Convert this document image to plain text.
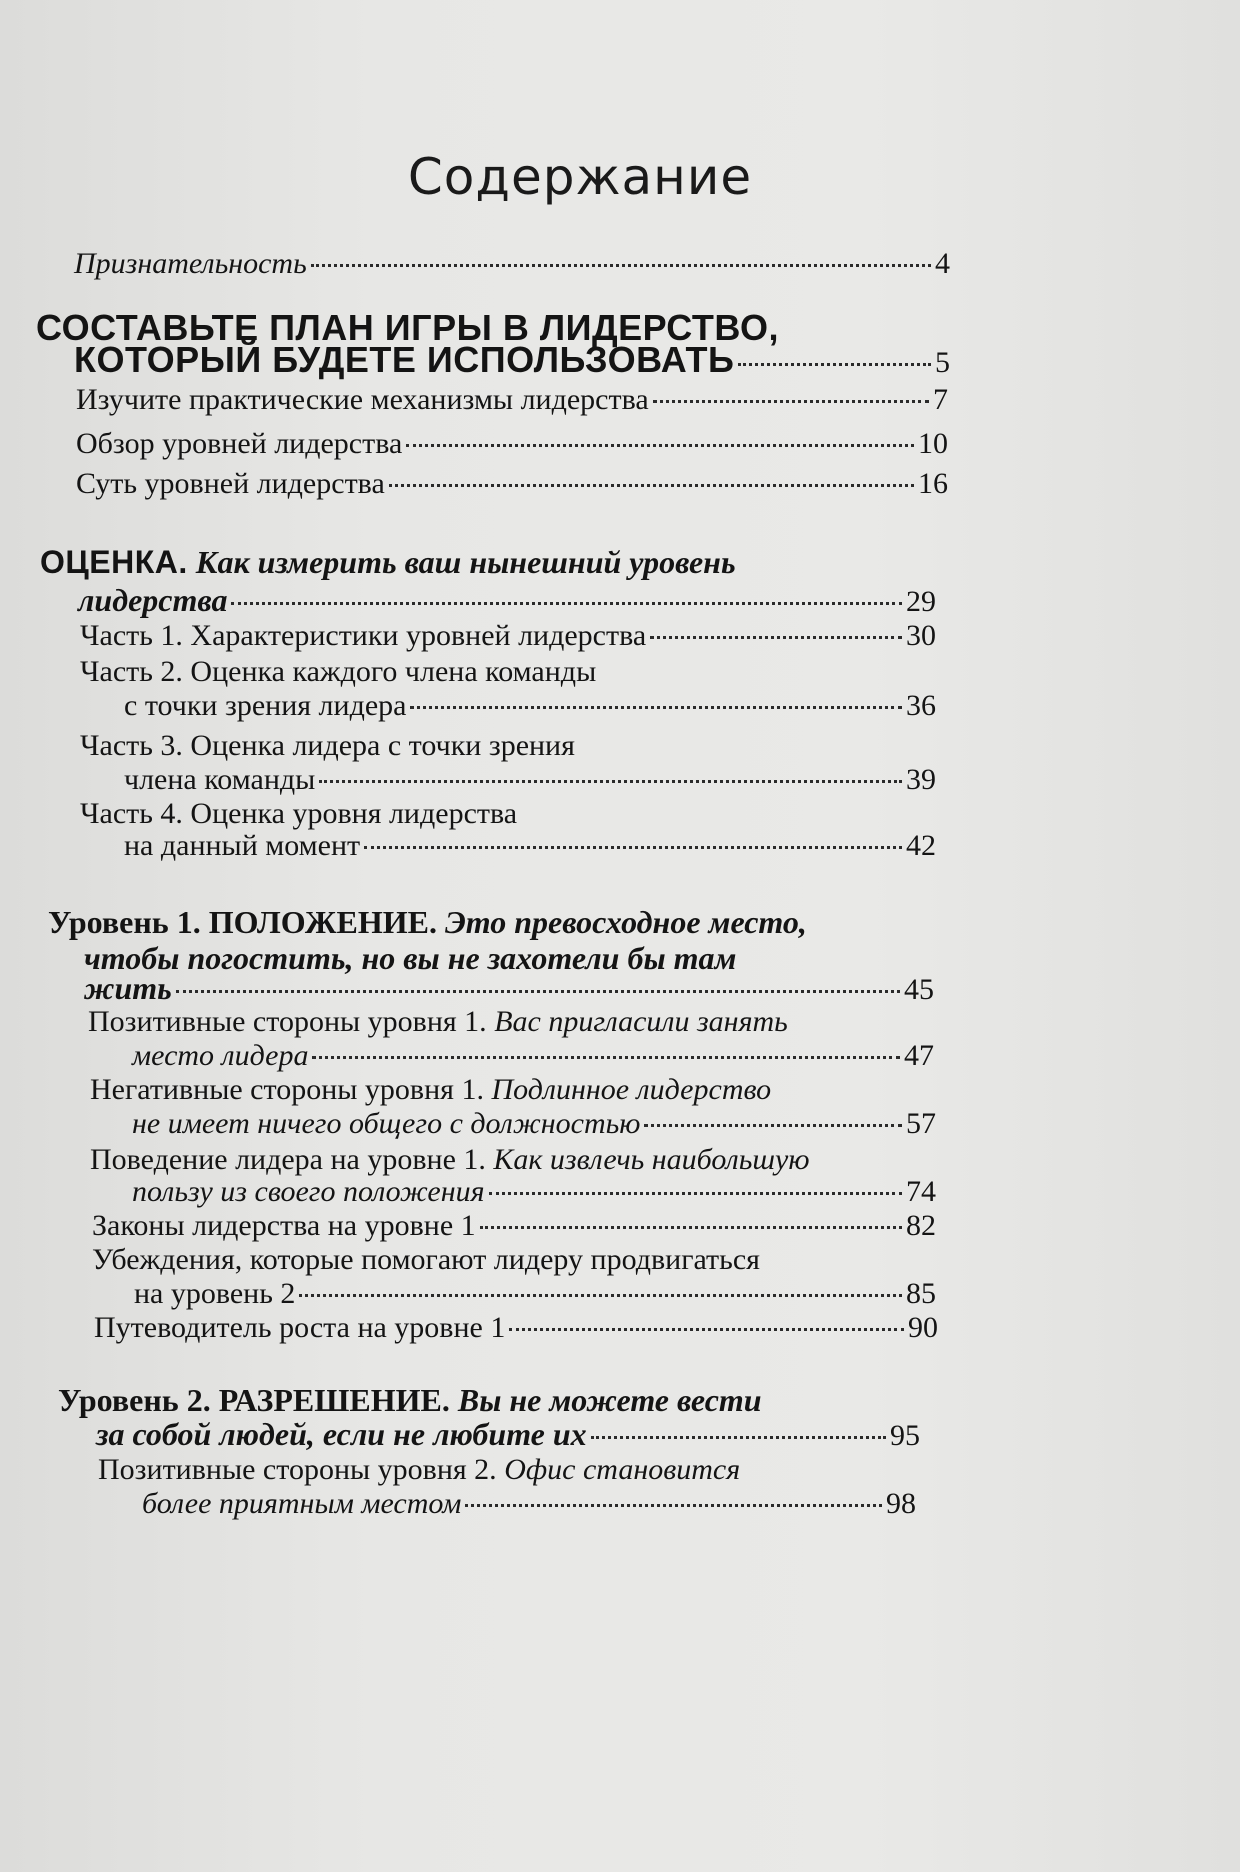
Содержание
Признательность	4
СОСТАВЬТЕ ПЛАН ИГРЫ В ЛИДЕРСТВО,
КОТОРЫЙ БУДЕТЕ ИСПОЛЬЗОВАТЬ	5
Изучите практические механизмы лидерства	7
Обзор уровней лидерства	10
Суть уровней лидерства	16
ОЦЕНКА. Как измерить ваш нынешний уровень
лидерства	29
Часть 1. Характеристики уровней лидерства	30
Часть 2. Оценка каждого члена команды
с точки зрения лидера	36
Часть 3. Оценка лидера с точки зрения
члена команды	39
Часть 4. Оценка уровня лидерства
на данный момент	42
Уровень 1. ПОЛОЖЕНИЕ. Это превосходное место,
чтобы погостить, но вы не захотели бы там
жить	45
Позитивные стороны уровня 1. Вас пригласили занять
место лидера	47
Негативные стороны уровня 1. Подлинное лидерство
не имеет ничего общего с должностью	57
Поведение лидера на уровне 1. Как извлечь наибольшую
пользу из своего положения	74
Законы лидерства на уровне 1	82
Убеждения, которые помогают лидеру продвигаться
на уровень 2	85
Путеводитель роста на уровне 1	90
Уровень 2. РАЗРЕШЕНИЕ. Вы не можете вести
за собой людей, если не любите их	95
Позитивные стороны уровня 2. Офис становится
более приятным местом	98
